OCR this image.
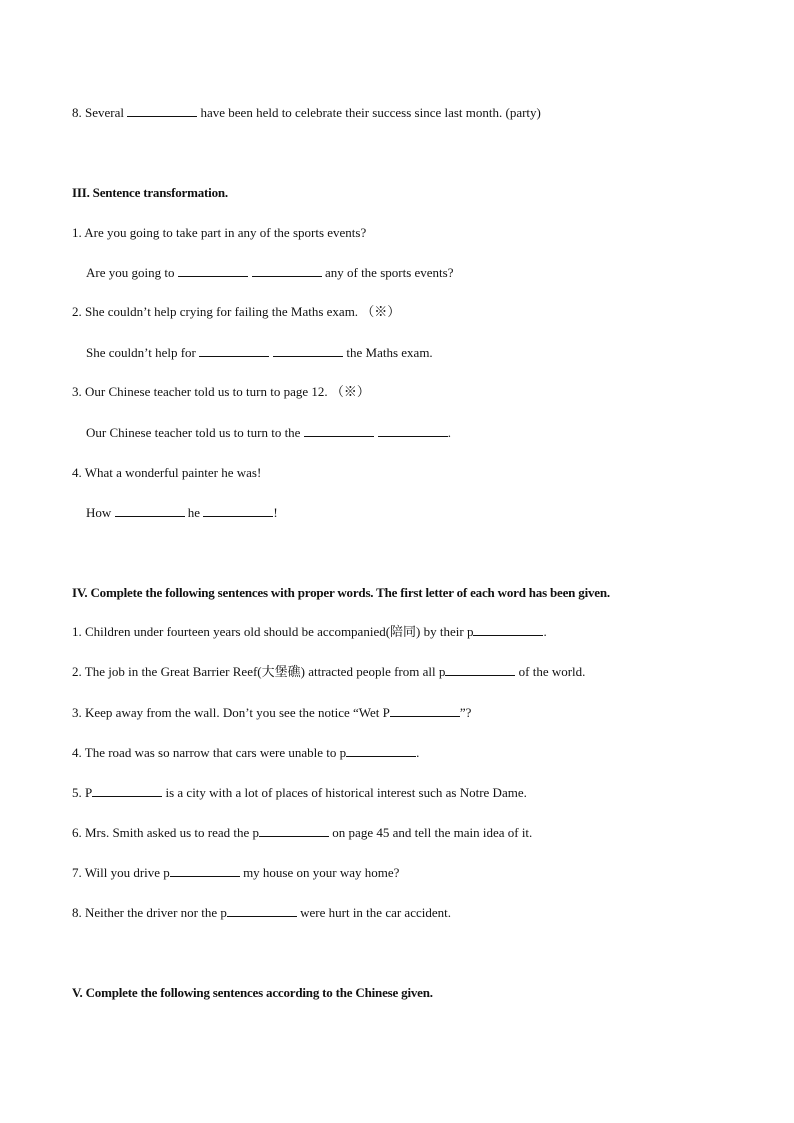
8. Several	have been held to celebrate their success since last month. (party)
III. Sentence transformation.
1. Are you going to take part in any of the sports events?
Are you going to	any of the sports events?
2. She couldn’t help crying for failing the Maths exam. （※）
She couldn’t help for	the Maths exam.
3. Our Chinese teacher told us to turn to page 12. （※）
Our Chinese teacher told us to turn to the	.
4. What a wonderful painter he was!
How	he	!
IV. Complete the following sentences with proper words. The first letter of each word has been given.
1. Children under fourteen years old should be accompanied(陪同) by their p	.
2. The job in the Great Barrier Reef(大堡礁) attracted people from all p	of the world.
3. Keep away from the wall. Don’t you see the notice “Wet P	”?
4. The road was so narrow that cars were unable to p	.
5. P	is a city with a lot of places of historical interest such as Notre Dame.
6. Mrs. Smith asked us to read the p	on page 45 and tell the main idea of it.
7. Will you drive p	my house on your way home?
8. Neither the driver nor the p	were hurt in the car accident.
V. Complete the following sentences according to the Chinese given.
